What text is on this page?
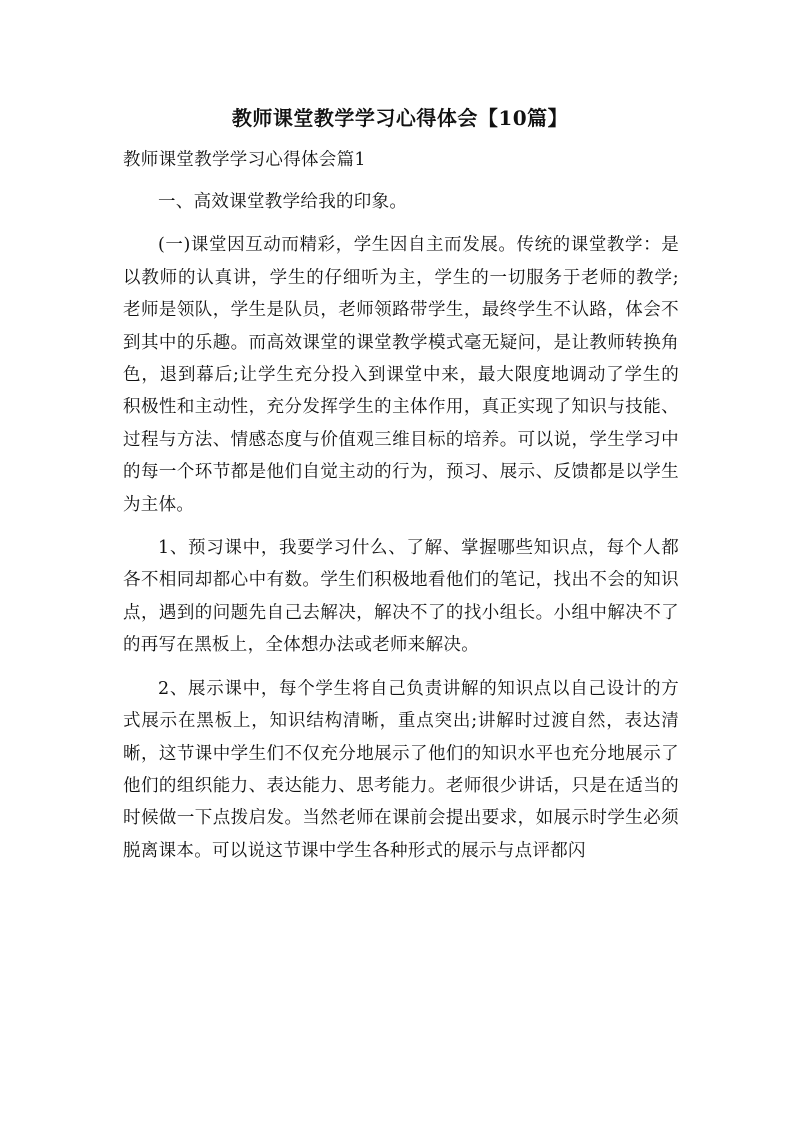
教师课堂教学学习心得体会【10篇】
教师课堂教学学习心得体会篇1

一、高效课堂教学给我的印象。

(一)课堂因互动而精彩，学生因自主而发展。传统的课堂教学：是以教师的认真讲，学生的仔细听为主，学生的一切服务于老师的教学;老师是领队，学生是队员，老师领路带学生，最终学生不认路，体会不到其中的乐趣。而高效课堂的课堂教学模式毫无疑问，是让教师转换角色，退到幕后;让学生充分投入到课堂中来，最大限度地调动了学生的积极性和主动性，充分发挥学生的主体作用，真正实现了知识与技能、过程与方法、情感态度与价值观三维目标的培养。可以说，学生学习中的每一个环节都是他们自觉主动的行为，预习、展示、反馈都是以学生为主体。

1、预习课中，我要学习什么、了解、掌握哪些知识点，每个人都各不相同却都心中有数。学生们积极地看他们的笔记，找出不会的知识点，遇到的问题先自己去解决，解决不了的找小组长。小组中解决不了的再写在黑板上，全体想办法或老师来解决。

2、展示课中，每个学生将自己负责讲解的知识点以自己设计的方式展示在黑板上，知识结构清晰，重点突出;讲解时过渡自然，表达清晰，这节课中学生们不仅充分地展示了他们的知识水平也充分地展示了他们的组织能力、表达能力、思考能力。老师很少讲话，只是在适当的时候做一下点拨启发。当然老师在课前会提出要求，如展示时学生必须脱离课本。可以说这节课中学生各种形式的展示与点评都闪
